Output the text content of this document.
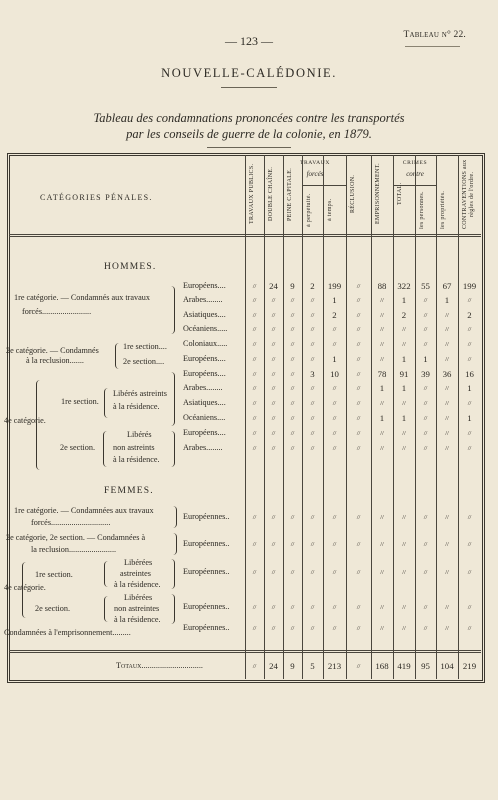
— 123 —	Tableau n° 22.
NOUVELLE-CALÉDONIE.
Tableau des condamnations prononcées contre les transportés
par les conseils de guerre de la colonie, en 1879.
CATÉGORIES PÉNALES.
TRAVAUX
forcés
CRIMES
contre
TRAVAUX PUBLICS.	DOUBLE CHAÎNE.	PEINE CAPITALE.	à perpétuité.	à temps.	RÉCLUSION.	EMPRISONNEMENT.	TOTAL.	les personnes.	les propriétés.	CONTRAVENTIONS aux règles de l'ordre.
HOMMES.
1re catégorie. — Condamnés aux travaux
forcés........................
2e catégorie. — Condamnés
à la reclusion.......
1re section....
2e section....
4e catégorie.
1re section.
Libérés astreints
à la résidence.
2e section.
Libérés
non astreints
à la résidence.
FEMMES.
1re catégorie. — Condamnées aux travaux
forcés.............................
2e catégorie, 2e section. — Condamnées à
la reclusion.......................
4e catégorie.
1re section.
Libérées
astreintes
à la résidence.
2e section.
Libérées
non astreintes
à la résidence.
Condamnées à l'emprisonnement.........
Totaux..............................
Européens....	//	24	9	2	199	//	88	322	55	67	199
Arabes........	//	//	//	//	1	//	//	1	//	1	//
Asiatiques....	//	//	//	//	2	//	//	2	//	//	2
Océaniens.....	//	//	//	//	//	//	//	//	//	//	//
Coloniaux.....	//	//	//	//	//	//	//	//	//	//	//
Européens....	//	//	//	//	1	//	//	1	1	//	//
Européens....	//	//	//	3	10	//	78	91	39	36	16
Arabes........	//	//	//	//	//	//	1	1	//	//	1
Asiatiques....	//	//	//	//	//	//	//	//	//	//	//
Océaniens....	//	//	//	//	//	//	1	1	//	//	1
Européens....	//	//	//	//	//	//	//	//	//	//	//
Arabes........	//	//	//	//	//	//	//	//	//	//	//
Européennes..	//	//	//	//	//	//	//	//	//	//	//
Européennes..	//	//	//	//	//	//	//	//	//	//	//
Européennes..	//	//	//	//	//	//	//	//	//	//	//
Européennes..	//	//	//	//	//	//	//	//	//	//	//
Européennes..	//	//	//	//	//	//	//	//	//	//	//
//	24	9	5	213	//	168 419	95	104	219
